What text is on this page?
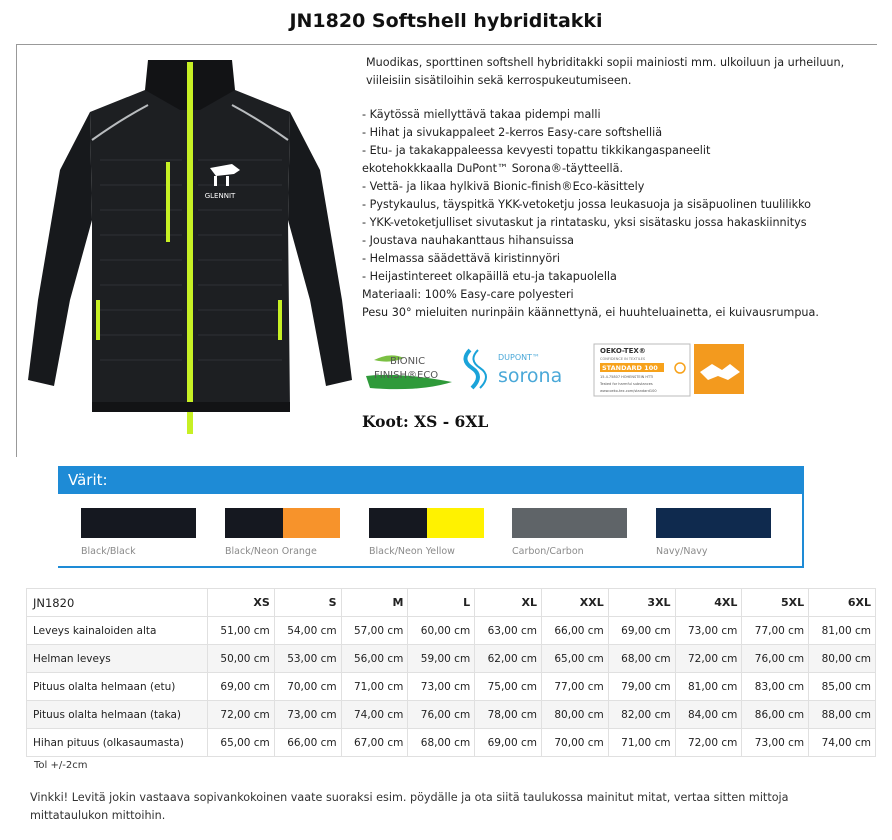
JN1820 Softshell hybriditakki
GLENNIT
Muodikas, sporttinen softshell hybriditakki sopii mainiosti mm. ulkoiluun ja urheiluun, viileisiin sisätiloihin sekä kerrospukeutumiseen.
- Käytössä miellyttävä takaa pidempi malli
- Hihat ja sivukappaleet 2-kerros Easy-care softshelliä
- Etu- ja takakappaleessa kevyesti topattu tikkikangaspaneelit ekotehokkkaalla DuPont™ Sorona®-täytteellä.
- Vettä- ja likaa hylkivä Bionic-finish®Eco-käsittely
- Pystykaulus, täyspitkä YKK-vetoketju jossa leukasuoja ja sisäpuolinen tuulilikko
- YKK-vetoketjulliset sivutaskut ja rintatasku, yksi sisätasku jossa hakaskiinnitys
- Joustava nauhakanttaus hihansuissa
- Helmassa säädettävä kiristinnyöri
- Heijastintereet olkapäillä etu-ja takapuolella
Materiaali: 100% Easy-care polyesteri
Pesu 30° mieluiten nurinpäin käännettynä, ei huuhteluainetta, ei kuivausrumpua.
BIONIC
FINISH®ECO
DUPONT™
sorona
OEKO-TEX®
CONFIDENCE IN TEXTILES
STANDARD 100
15.4.75807 HOHENSTEIN HTTI
Tested for harmful substances
www.oeko-tex.com/standard100
Koot: XS - 6XL
Värit:
Black/Black	Black/Neon Orange	Black/Neon Yellow	Carbon/Carbon	Navy/Navy
JN1820	XS	S	M	L	XL	XXL	3XL	4XL	5XL	6XL
Leveys kainaloiden alta	51,00 cm	54,00 cm	57,00 cm	60,00 cm	63,00 cm	66,00 cm	69,00 cm	73,00 cm	77,00 cm	81,00 cm
Helman leveys	50,00 cm	53,00 cm	56,00 cm	59,00 cm	62,00 cm	65,00 cm	68,00 cm	72,00 cm	76,00 cm	80,00 cm
Pituus olalta helmaan (etu)	69,00 cm	70,00 cm	71,00 cm	73,00 cm	75,00 cm	77,00 cm	79,00 cm	81,00 cm	83,00 cm	85,00 cm
Pituus olalta helmaan (taka)	72,00 cm	73,00 cm	74,00 cm	76,00 cm	78,00 cm	80,00 cm	82,00 cm	84,00 cm	86,00 cm	88,00 cm
Hihan pituus (olkasaumasta)	65,00 cm	66,00 cm	67,00 cm	68,00 cm	69,00 cm	70,00 cm	71,00 cm	72,00 cm	73,00 cm	74,00 cm
Tol +/-2cm
Vinkki! Levitä jokin vastaava sopivankokoinen vaate suoraksi esim. pöydälle ja ota siitä taulukossa mainitut mitat, vertaa sitten mittoja mittataulukon mittoihin.
